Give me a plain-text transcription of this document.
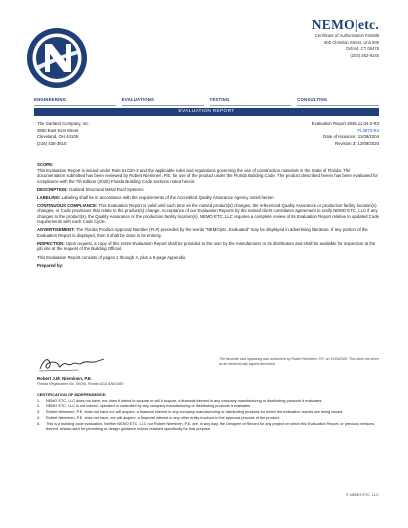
NEMO|etc.
Certificate of Authorization #32688
900 Christian Street, Unit 505
Oxford, CT 06478
(203) 262-9245
ENGINEERING	EVALUATIONS	TESTING	CONSULTING
EVALUATION REPORT
The Garland Company, Inc.	Evaluation Report 4845.11.04-2-R3
3800 East 91st Street	FL3973-R3
Cleveland, OH 44105	Date of Issuance: 11/09/2004
(216) 430-3610	Revision 3: 12/09/2020

SCOPE:
This Evaluation Report is issued under Rule 61G20-3 and the applicable rules and regulations governing the use of construction materials in the State of Florida. The documentation submitted has been reviewed by Robert Nieminen, P.E. for use of the product under the Florida Building Code. The product described herein has been evaluated for compliance with the 7th Edition (2020) Florida Building Code sections noted herein.

DESCRIPTION: Garland Structural Metal Roof Systems

LABELING: Labeling shall be in accordance with the requirements of the Accredited Quality Assurance Agency noted herein.

CONTINUOUS COMPLIANCE: This Evaluation Report is valid until such time as the named product(s) changes, the referenced Quality Assurance or production facility location(s) changes, or Code provisions that relate to the product(s) change. Acceptance of our Evaluation Reports by the named client constitutes agreement to notify NEMO ETC, LLC if any changes to the product(s), the Quality Assurance or the production facility location(s). NEMO ETC, LLC requires a complete review of its Evaluation Report relative to updated Code requirements with each Code Cycle.

ADVERTISEMENT: The Florida Product Approval Number (FL#) preceded by the words "NEMO|etc. Evaluated" may be displayed in advertising literature. If any portion of the Evaluation Report is displayed, then it shall be done in its entirety.

INSPECTION: Upon request, a copy of this entire Evaluation Report shall be provided to the user by the manufacturer or its distributors and shall be available for inspection at the job site at the request of the Building Official.

This Evaluation Report consists of pages 1 through 4, plus a 5-page Appendix.

Prepared by:

The facsimile seal appearing was authorized by Robert Nieminen, P.E. on 12/09/2020. This does not serve as an electronically signed document.
Robert J.M. Nieminen, P.E.
Florida Registration No. 59166, Florida DCA ANE1983
CERTIFICATION OF INDEPENDENCE:
1.	NEMO ETC, LLC does not have, nor does it intend to acquire or will it acquire, a financial interest in any company manufacturing or distributing products it evaluates.
2.	NEMO ETC, LLC is not owned, operated or controlled by any company manufacturing or distributing products it evaluates.
3.	Robert Nieminen, P.E. does not have nor will acquire, a financial interest in any company manufacturing or distributing products for which the evaluation reports are being issued.
4.	Robert Nieminen, P.E. does not have, nor will acquire, a financial interest in any other entity involved in the approval process of the product.
5.	This is a building code evaluation. Neither NEMO ETC, LLC nor Robert Nieminen, P.E. are, in any way, the Designer of Record for any project on which this Evaluation Report, or previous versions thereof, is/was used for permitting or design guidance unless retained specifically for that purpose.
© NEMO ETC, LLC
